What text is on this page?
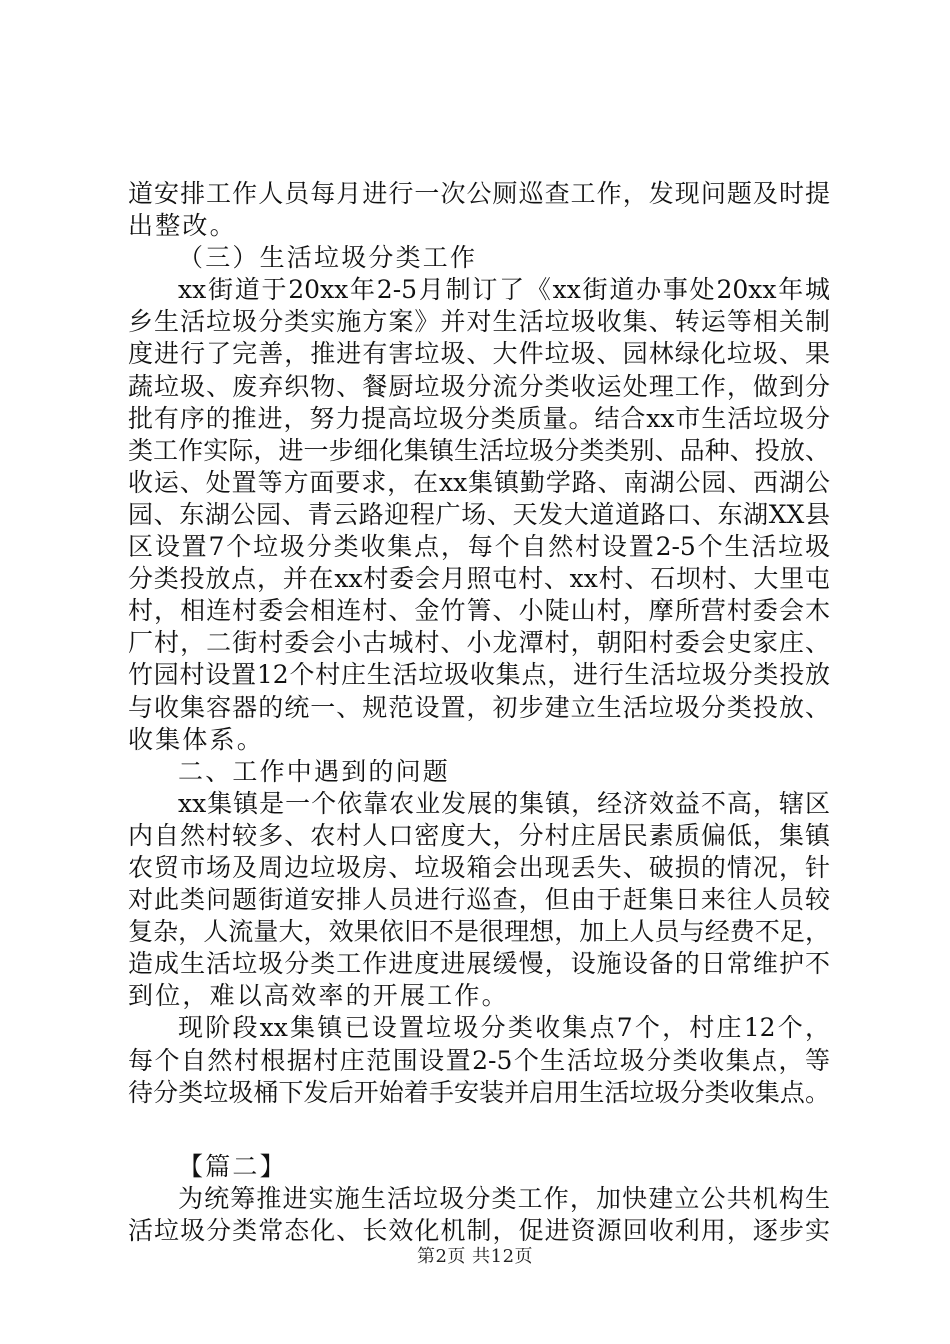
道安排工作人员每月进行一次公厕巡查工作，发现问题及时提
出整改。
（三）生活垃圾分类工作
xx街道于20xx年2-5月制订了《xx街道办事处20xx年城
乡生活垃圾分类实施方案》并对生活垃圾收集、转运等相关制
度进行了完善，推进有害垃圾、大件垃圾、园林绿化垃圾、果
蔬垃圾、废弃织物、餐厨垃圾分流分类收运处理工作，做到分
批有序的推进，努力提高垃圾分类质量。结合xx市生活垃圾分
类工作实际，进一步细化集镇生活垃圾分类类别、品种、投放、
收运、处置等方面要求，在xx集镇勤学路、南湖公园、西湖公
园、东湖公园、青云路迎程广场、天发大道道路口、东湖XX县
区设置7个垃圾分类收集点，每个自然村设置2-5个生活垃圾
分类投放点，并在xx村委会月照屯村、xx村、石坝村、大里屯
村，相连村委会相连村、金竹箐、小陡山村，摩所营村委会木
厂村，二街村委会小古城村、小龙潭村，朝阳村委会史家庄、
竹园村设置12个村庄生活垃圾收集点，进行生活垃圾分类投放
与收集容器的统一、规范设置，初步建立生活垃圾分类投放、
收集体系。
二、工作中遇到的问题
xx集镇是一个依靠农业发展的集镇，经济效益不高，辖区
内自然村较多、农村人口密度大，分村庄居民素质偏低，集镇
农贸市场及周边垃圾房、垃圾箱会出现丢失、破损的情况，针
对此类问题街道安排人员进行巡查，但由于赶集日来往人员较
复杂，人流量大，效果依旧不是很理想，加上人员与经费不足，
造成生活垃圾分类工作进度进展缓慢，设施设备的日常维护不
到位，难以高效率的开展工作。
现阶段xx集镇已设置垃圾分类收集点7个，村庄12个，
每个自然村根据村庄范围设置2-5个生活垃圾分类收集点，等
待分类垃圾桶下发后开始着手安装并启用生活垃圾分类收集点。
【篇二】
为统筹推进实施生活垃圾分类工作，加快建立公共机构生
活垃圾分类常态化、长效化机制，促进资源回收利用，逐步实
第2页 共12页
